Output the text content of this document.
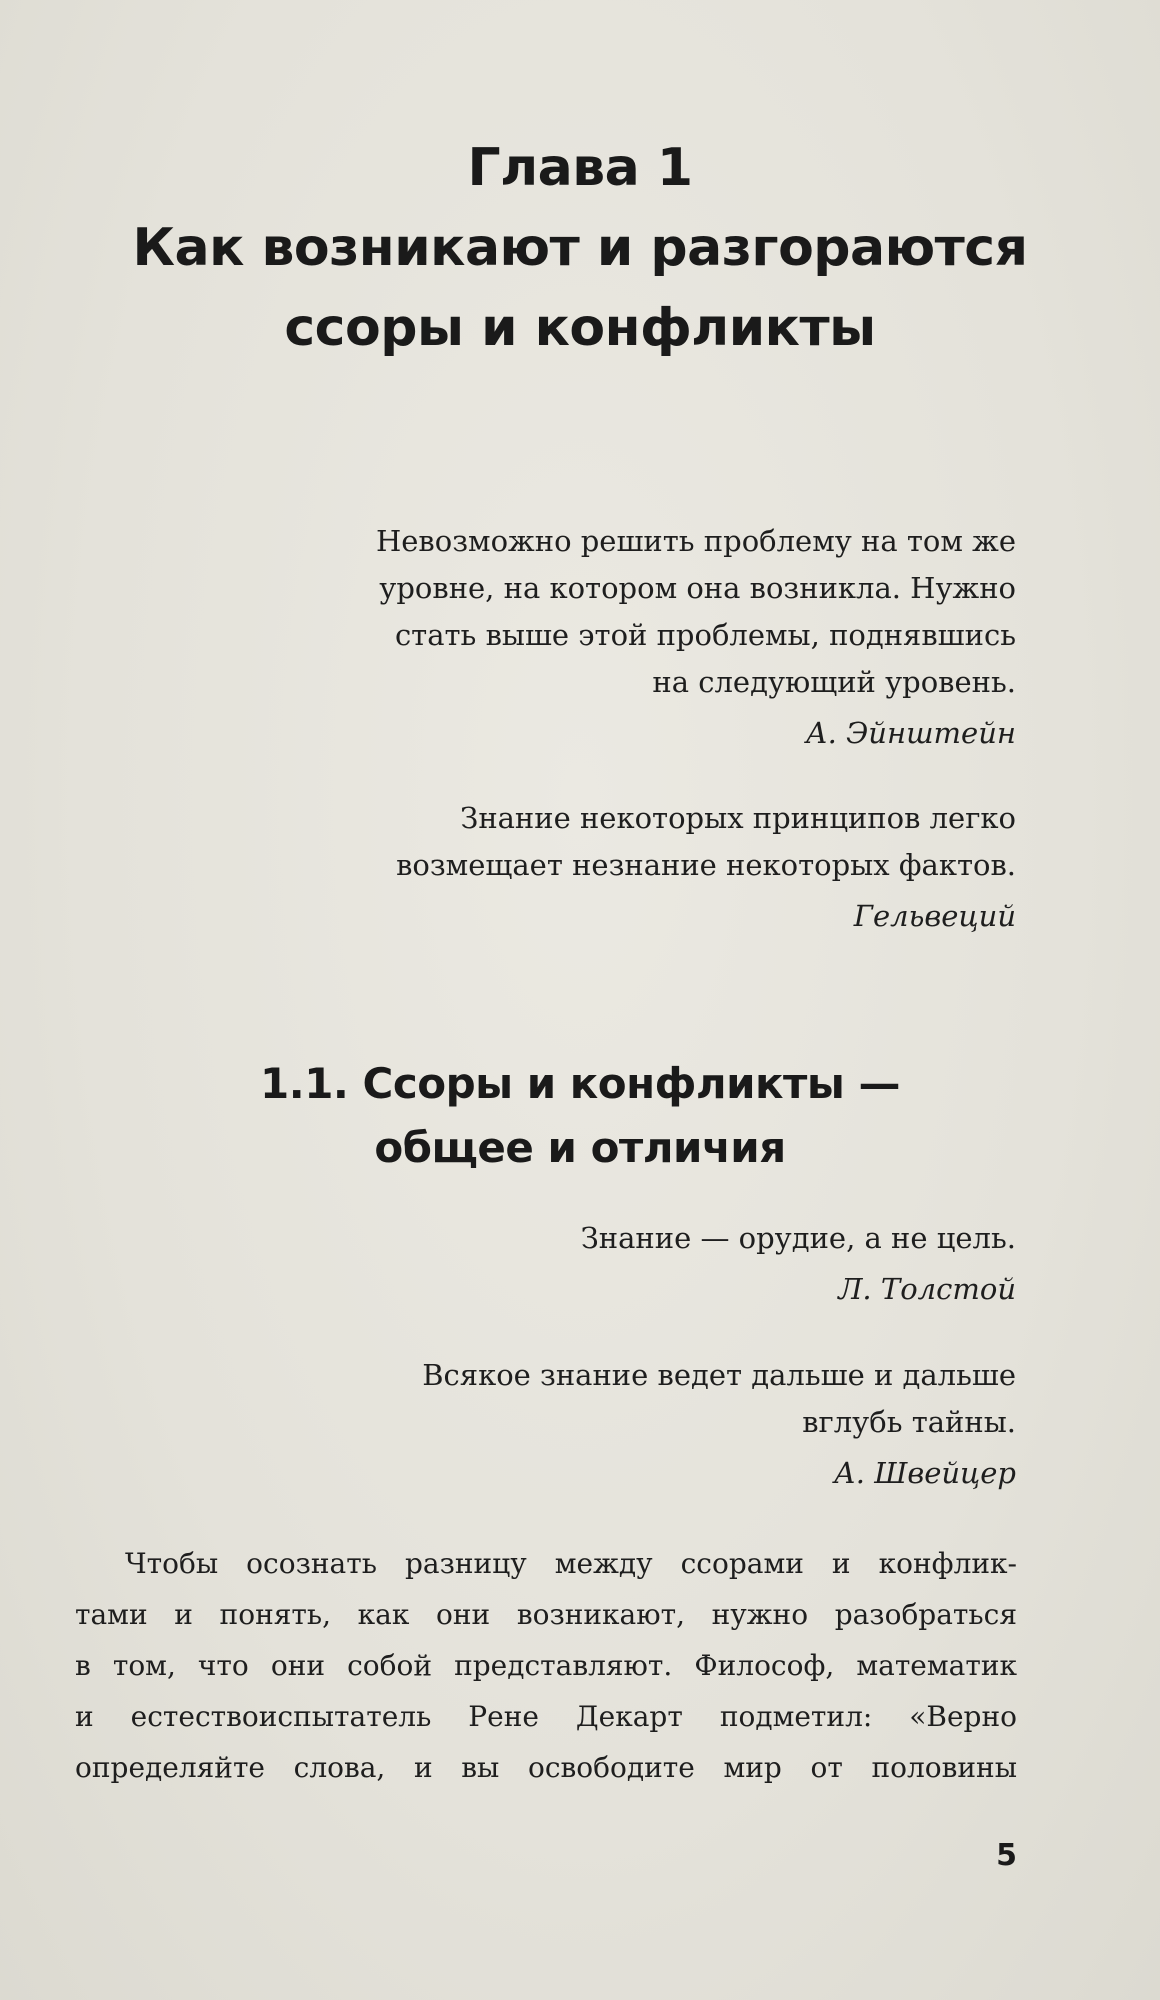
Глава 1
Как возникают и разгораются
ссоры и конфликты
Невозможно решить проблему на том же
уровне, на котором она возникла. Нужно
стать выше этой проблемы, поднявшись
на следующий уровень.
А. Эйнштейн
Знание некоторых принципов легко
возмещает незнание некоторых фактов.
Гельвеций
1.1. Ссоры и конфликты —
общее и отличия
Знание — орудие, а не цель.
Л. Толстой
Всякое знание ведет дальше и дальше
вглубь тайны.
А. Швейцер
Чтобы осознать разницу между ссорами и конфлик-
тами и понять, как они возникают, нужно разобраться
в том, что они собой представляют. Философ, математик
и естествоиспытатель Рене Декарт подметил: «Верно
определяйте слова, и вы освободите мир от половины
5
